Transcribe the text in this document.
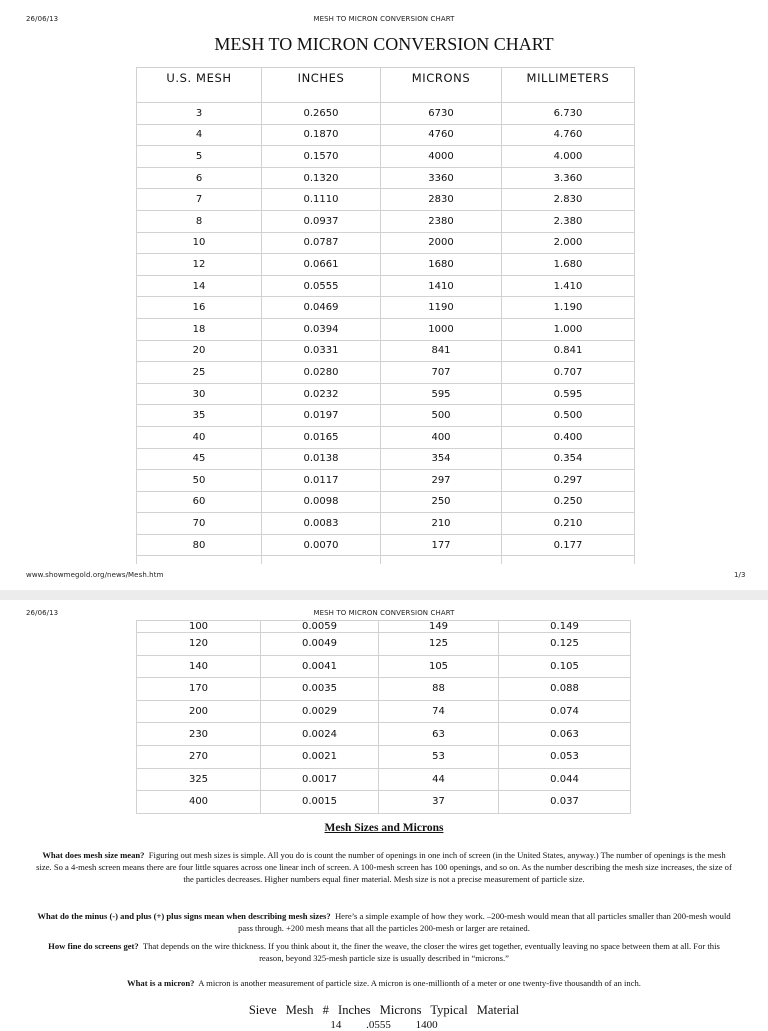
26/06/13	MESH TO MICRON CONVERSION CHART
MESH TO MICRON CONVERSION CHART
U.S. MESH	INCHES	MICRONS	MILLIMETERS
3	0.2650	6730	6.730
4	0.1870	4760	4.760
5	0.1570	4000	4.000
6	0.1320	3360	3.360
7	0.1110	2830	2.830
8	0.0937	2380	2.380
10	0.0787	2000	2.000
12	0.0661	1680	1.680
14	0.0555	1410	1.410
16	0.0469	1190	1.190
18	0.0394	1000	1.000
20	0.0331	841	0.841
25	0.0280	707	0.707
30	0.0232	595	0.595
35	0.0197	500	0.500
40	0.0165	400	0.400
45	0.0138	354	0.354
50	0.0117	297	0.297
60	0.0098	250	0.250
70	0.0083	210	0.210
80	0.0070	177	0.177

www.showmegold.org/news/Mesh.htm	1/3
26/06/13	MESH TO MICRON CONVERSION CHART
100	0.0059	149	0.149
120	0.0049	125	0.125
140	0.0041	105	0.105
170	0.0035	88	0.088
200	0.0029	74	0.074
230	0.0024	63	0.063
270	0.0021	53	0.053
325	0.0017	44	0.044
400	0.0015	37	0.037
Mesh Sizes and Microns
What does mesh size mean? Figuring out mesh sizes is simple. All you do is count the number of openings in one inch of screen (in the United States, anyway.) The number of openings is the mesh size. So a 4-mesh screen means there are four little squares across one linear inch of screen. A 100-mesh screen has 100 openings, and so on. As the number describing the mesh size increases, the size of the particles decreases. Higher numbers equal finer material. Mesh size is not a precise measurement of particle size.
What do the minus (-) and plus (+) plus signs mean when describing mesh sizes? Here’s a simple example of how they work. –200-mesh would mean that all particles smaller than 200-mesh would pass through. +200 mesh means that all the particles 200-mesh or larger are retained.
How fine do screens get? That depends on the wire thickness. If you think about it, the finer the weave, the closer the wires get together, eventually leaving no space between them at all. For this reason, beyond 325-mesh particle size is usually described in “microns.”
What is a micron? A micron is another measurement of particle size. A micron is one-millionth of a meter or one twenty-five thousandth of an inch.
Sieve Mesh # Inches Microns Typical Material
14 .0555 1400
